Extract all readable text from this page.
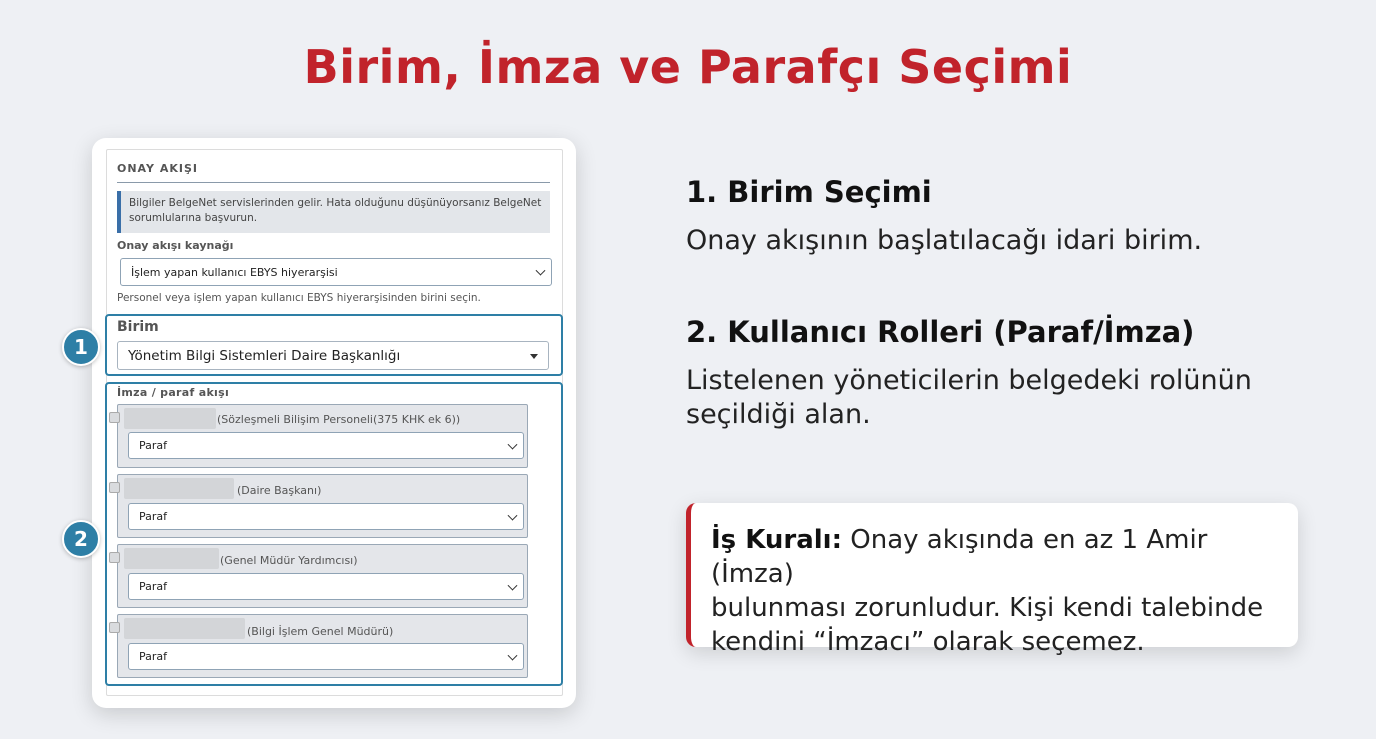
Birim, İmza ve Parafçı Seçimi
ONAY AKIŞI
Bilgiler BelgeNet servislerinden gelir. Hata olduğunu düşünüyorsanız BelgeNet
sorumlularına başvurun.
Onay akışı kaynağı
İşlem yapan kullanıcı EBYS hiyerarşisi
Personel veya işlem yapan kullanıcı EBYS hiyerarşisinden birini seçin.
Birim
Yönetim Bilgi Sistemleri Daire Başkanlığı
1
İmza / paraf akışı
2
(Sözleşmeli Bilişim Personeli(375 KHK ek 6))
Paraf
(Daire Başkanı)
Paraf
(Genel Müdür Yardımcısı)
Paraf
(Bilgi İşlem Genel Müdürü)
Paraf
1. Birim Seçimi
Onay akışının başlatılacağı idari birim.
2. Kullanıcı Rolleri (Paraf/İmza)
Listelenen yöneticilerin belgedeki rolünün
seçildiği alan.
İş Kuralı: Onay akışında en az 1 Amir (İmza)
bulunması zorunludur. Kişi kendi talebinde
kendini “İmzacı” olarak seçemez.
